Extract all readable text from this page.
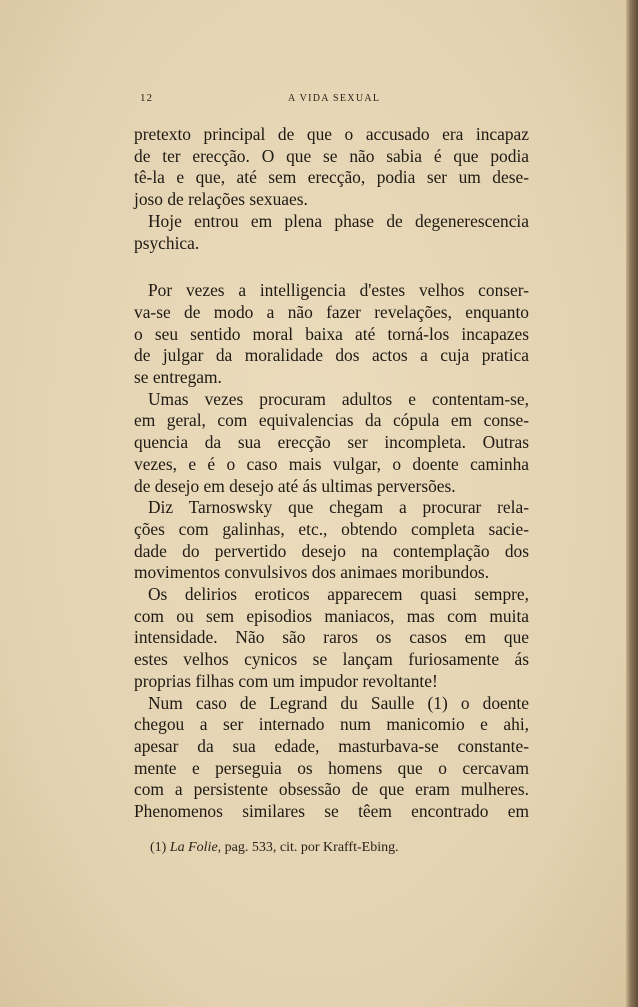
12	A VIDA SEXUAL

pretexto principal de que o accusado era incapaz

de ter erecção. O que se não sabia é que podia

tê-la e que, até sem erecção, podia ser um dese-

joso de relações sexuaes.

Hoje entrou em plena phase de degenerescencia

psychica.

Por vezes a intelligencia d'estes velhos conser-

va-se de modo a não fazer revelações, enquanto

o seu sentido moral baixa até torná-los incapazes

de julgar da moralidade dos actos a cuja pratica

se entregam.

Umas vezes procuram adultos e contentam-se,

em geral, com equivalencias da cópula em conse-

quencia da sua erecção ser incompleta. Outras

vezes, e é o caso mais vulgar, o doente caminha

de desejo em desejo até ás ultimas perversões.

Diz Tarnoswsky que chegam a procurar rela-

ções com galinhas, etc., obtendo completa sacie-

dade do pervertido desejo na contemplação dos

movimentos convulsivos dos animaes moribundos.

Os delirios eroticos apparecem quasi sempre,

com ou sem episodios maniacos, mas com muita

intensidade. Não são raros os casos em que

estes velhos cynicos se lançam furiosamente ás

proprias filhas com um impudor revoltante!

Num caso de Legrand du Saulle (1) o doente

chegou a ser internado num manicomio e ahi,

apesar da sua edade, masturbava-se constante-

mente e perseguia os homens que o cercavam

com a persistente obsessão de que eram mulheres.

Phenomenos similares se têem encontrado em

(1) La Folie, pag. 533, cit. por Krafft-Ebing.
